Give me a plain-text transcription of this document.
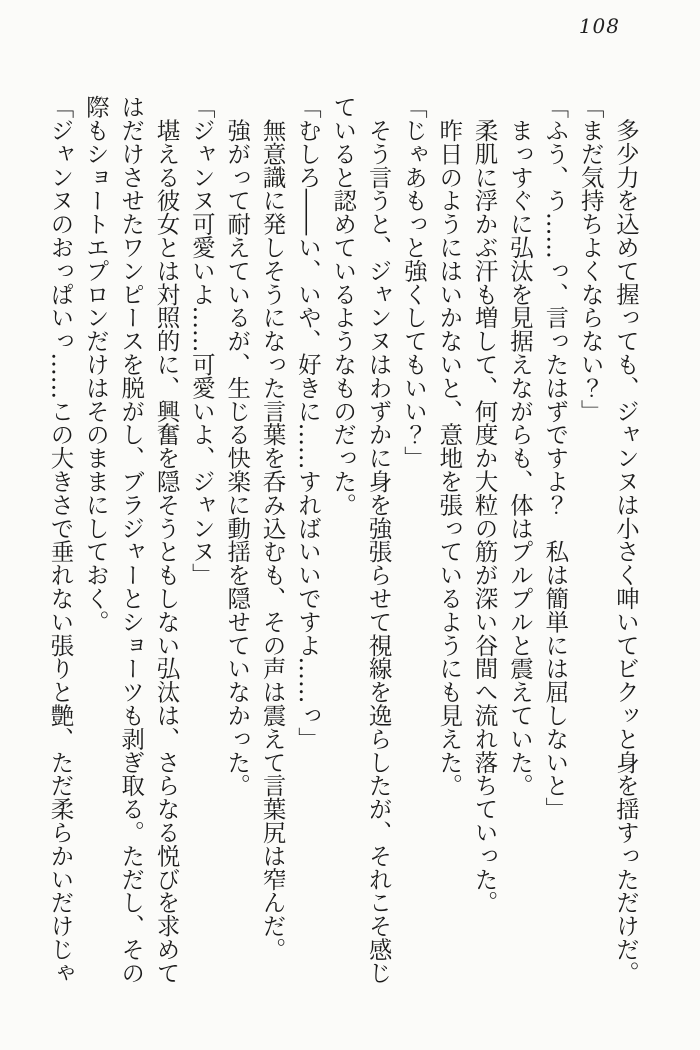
108

　多少力を込めて握っても、ジャンヌは小さく呻いてビクッと身を揺すっただけだ。

「まだ気持ちよくならない？」

「ふう、う……っ、言ったはずですよ？　私は簡単には屈しないと」

　まっすぐに弘汰を見据えながらも、体はプルプルと震えていた。

　柔肌に浮かぶ汗も増して、何度か大粒の筋が深い谷間へ流れ落ちていった。

　昨日のようにはいかないと、意地を張っているようにも見えた。

「じゃあもっと強くしてもいい？」

　そう言うと、ジャンヌはわずかに身を強張らせて視線を逸らしたが、それこそ感じていると認めているようなものだった。

「むしろ――い、いや、好きに……すればいいですよ……っ」

　無意識に発しそうになった言葉を呑み込むも、その声は震えて言葉尻は窄んだ。

　強がって耐えているが、生じる快楽に動揺を隠せていなかった。

「ジャンヌ可愛いよ……可愛いよ、ジャンヌ」

　堪える彼女とは対照的に、興奮を隠そうともしない弘汰は、さらなる悦びを求めてはだけさせたワンピースを脱がし、ブラジャーとショーツも剥ぎ取る。ただし、その際もショートエプロンだけはそのままにしておく。

「ジャンヌのおっぱいっ……この大きさで垂れない張りと艶、ただ柔らかいだけじゃ
